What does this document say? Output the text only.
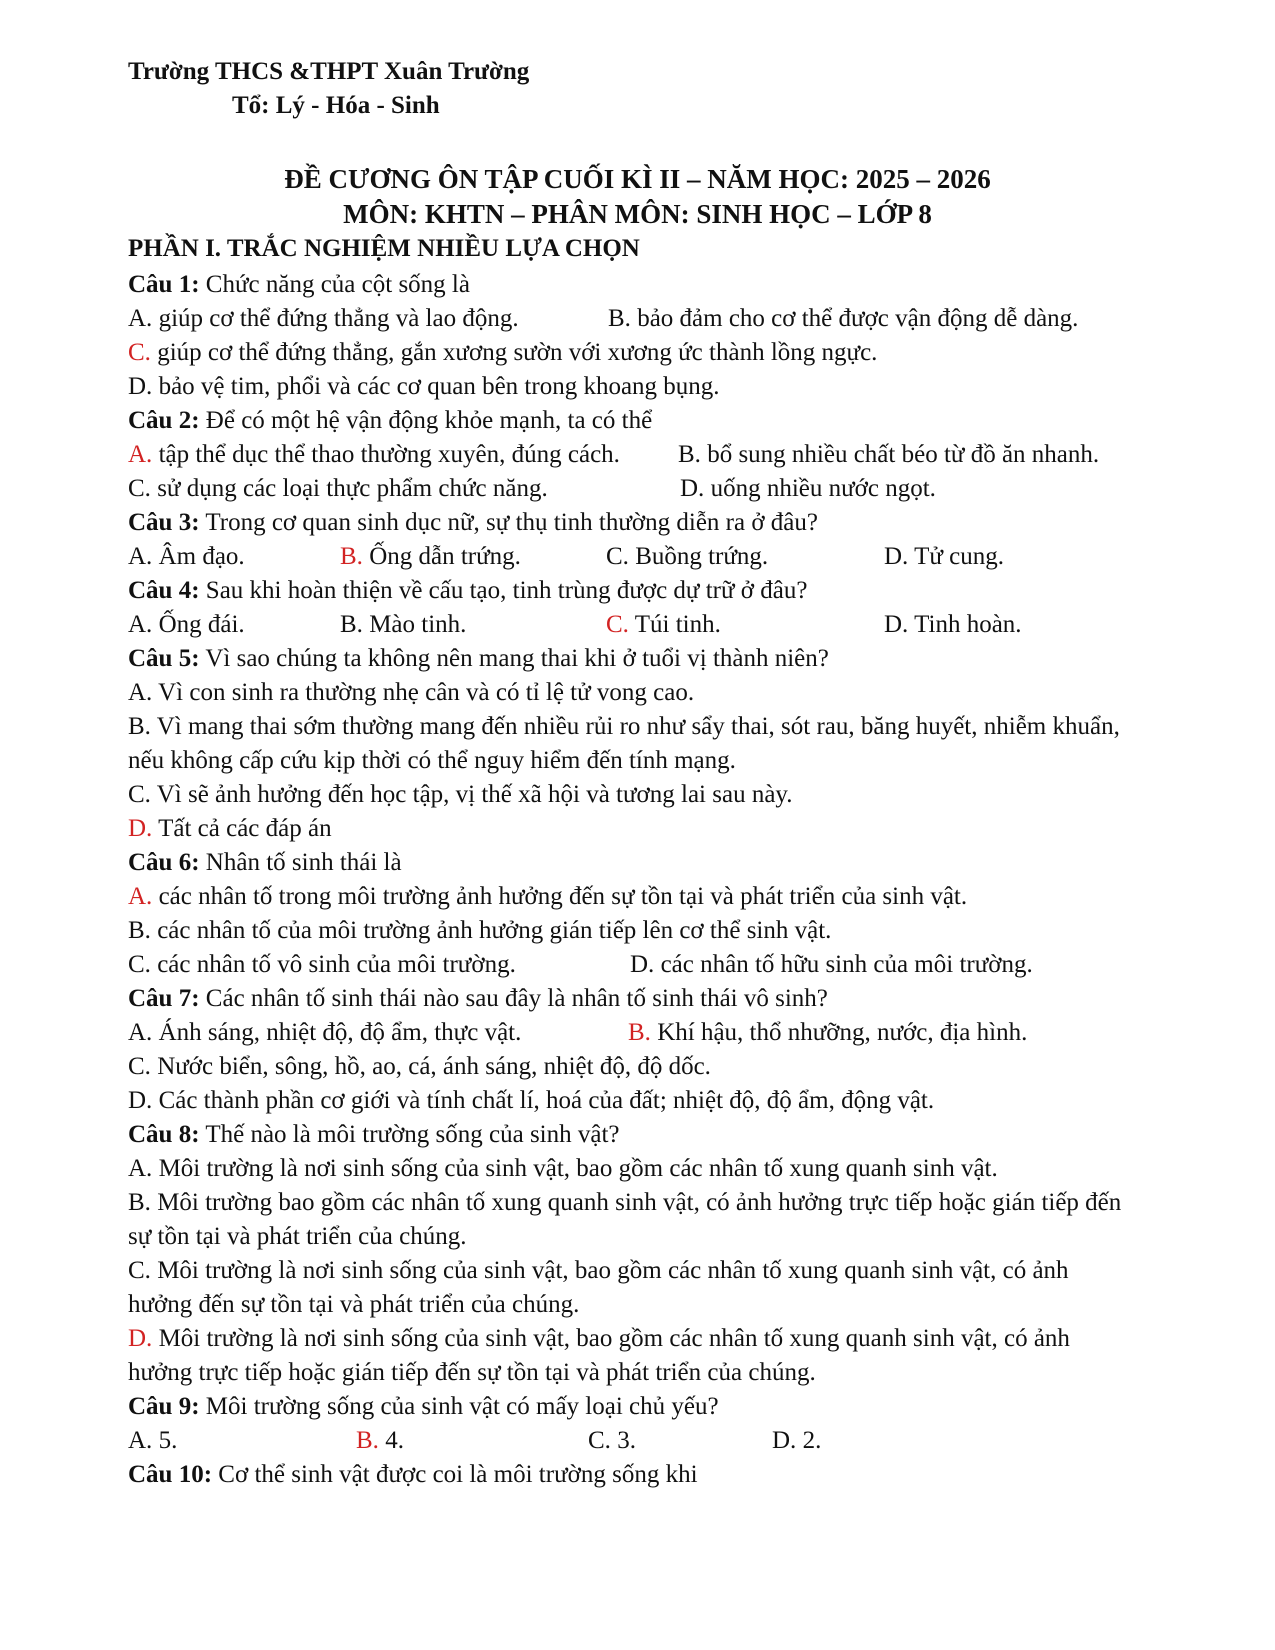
Trường THCS &THPT Xuân Trường
Tổ: Lý - Hóa - Sinh
ĐỀ CƯƠNG ÔN TẬP CUỐI KÌ II – NĂM HỌC: 2025 – 2026
MÔN: KHTN – PHÂN MÔN: SINH HỌC – LỚP 8
PHẦN I. TRẮC NGHIỆM NHIỀU LỰA CHỌN
Câu 1: Chức năng của cột sống là
A. giúp cơ thể đứng thẳng và lao động.	B. bảo đảm cho cơ thể được vận động dễ dàng.
C. giúp cơ thể đứng thẳng, gắn xương sườn với xương ức thành lồng ngực.
D. bảo vệ tim, phổi và các cơ quan bên trong khoang bụng.
Câu 2: Để có một hệ vận động khỏe mạnh, ta có thể
A. tập thể dục thể thao thường xuyên, đúng cách. B. bổ sung nhiều chất béo từ đồ ăn nhanh.
C. sử dụng các loại thực phẩm chức năng.	D. uống nhiều nước ngọt.
Câu 3: Trong cơ quan sinh dục nữ, sự thụ tinh thường diễn ra ở đâu?
A. Âm đạo.	B. Ống dẫn trứng.	C. Buồng trứng.	D. Tử cung.
Câu 4: Sau khi hoàn thiện về cấu tạo, tinh trùng được dự trữ ở đâu?
A. Ống đái.	B. Mào tinh.	C. Túi tinh.	D. Tinh hoàn.
Câu 5: Vì sao chúng ta không nên mang thai khi ở tuổi vị thành niên?
A. Vì con sinh ra thường nhẹ cân và có tỉ lệ tử vong cao.
B. Vì mang thai sớm thường mang đến nhiều rủi ro như sẩy thai, sót rau, băng huyết, nhiễm khuẩn,
nếu không cấp cứu kịp thời có thể nguy hiểm đến tính mạng.
C. Vì sẽ ảnh hưởng đến học tập, vị thế xã hội và tương lai sau này.
D. Tất cả các đáp án
Câu 6: Nhân tố sinh thái là
A. các nhân tố trong môi trường ảnh hưởng đến sự tồn tại và phát triển của sinh vật.
B. các nhân tố của môi trường ảnh hưởng gián tiếp lên cơ thể sinh vật.
C. các nhân tố vô sinh của môi trường.	D. các nhân tố hữu sinh của môi trường.
Câu 7: Các nhân tố sinh thái nào sau đây là nhân tố sinh thái vô sinh?
A. Ánh sáng, nhiệt độ, độ ẩm, thực vật.	B. Khí hậu, thổ nhưỡng, nước, địa hình.
C. Nước biển, sông, hồ, ao, cá, ánh sáng, nhiệt độ, độ dốc.
D. Các thành phần cơ giới và tính chất lí, hoá của đất; nhiệt độ, độ ẩm, động vật.
Câu 8: Thế nào là môi trường sống của sinh vật?
A. Môi trường là nơi sinh sống của sinh vật, bao gồm các nhân tố xung quanh sinh vật.
B. Môi trường bao gồm các nhân tố xung quanh sinh vật, có ảnh hưởng trực tiếp hoặc gián tiếp đến
sự tồn tại và phát triển của chúng.
C. Môi trường là nơi sinh sống của sinh vật, bao gồm các nhân tố xung quanh sinh vật, có ảnh
hưởng đến sự tồn tại và phát triển của chúng.
D. Môi trường là nơi sinh sống của sinh vật, bao gồm các nhân tố xung quanh sinh vật, có ảnh
hưởng trực tiếp hoặc gián tiếp đến sự tồn tại và phát triển của chúng.
Câu 9: Môi trường sống của sinh vật có mấy loại chủ yếu?
A. 5.	B. 4.	C. 3.	D. 2.
Câu 10: Cơ thể sinh vật được coi là môi trường sống khi
